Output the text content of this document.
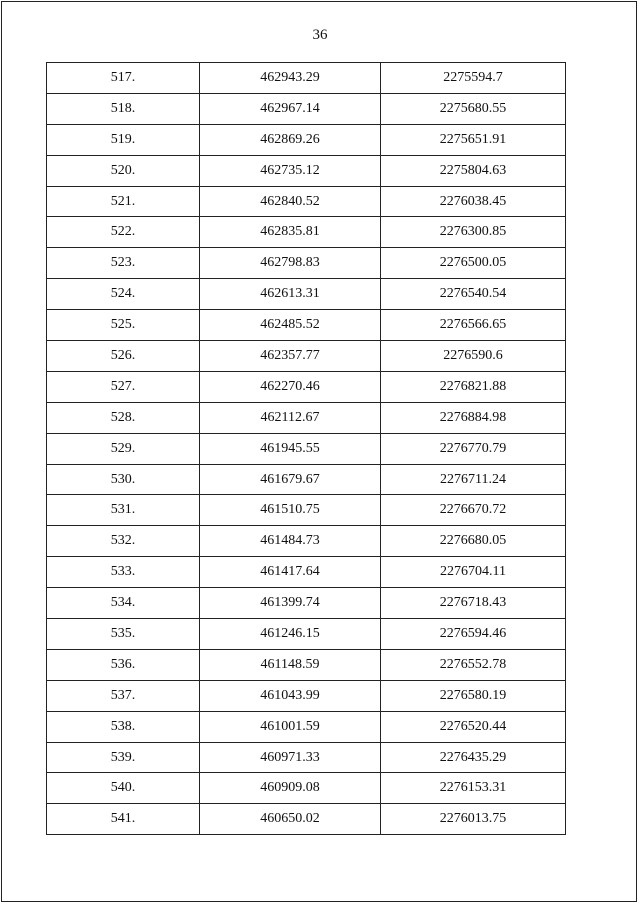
36
517.	462943.29	2275594.7
518.	462967.14	2275680.55
519.	462869.26	2275651.91
520.	462735.12	2275804.63
521.	462840.52	2276038.45
522.	462835.81	2276300.85
523.	462798.83	2276500.05
524.	462613.31	2276540.54
525.	462485.52	2276566.65
526.	462357.77	2276590.6
527.	462270.46	2276821.88
528.	462112.67	2276884.98
529.	461945.55	2276770.79
530.	461679.67	2276711.24
531.	461510.75	2276670.72
532.	461484.73	2276680.05
533.	461417.64	2276704.11
534.	461399.74	2276718.43
535.	461246.15	2276594.46
536.	461148.59	2276552.78
537.	461043.99	2276580.19
538.	461001.59	2276520.44
539.	460971.33	2276435.29
540.	460909.08	2276153.31
541.	460650.02	2276013.75
